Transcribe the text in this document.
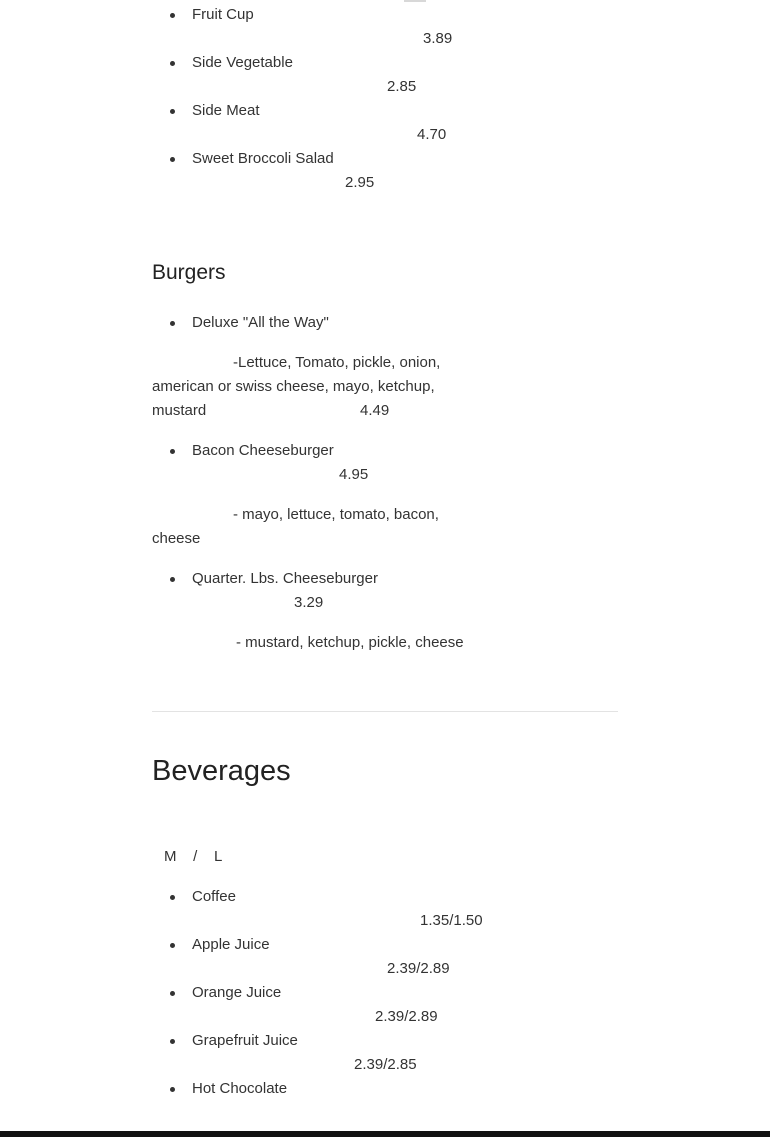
Fruit Cup
3.89
Side Vegetable
2.85
Side Meat
4.70
Sweet Broccoli Salad
2.95
Burgers
Deluxe "All the Way"
-Lettuce, Tomato, pickle, onion,
american or swiss cheese, mayo, ketchup,
mustard	4.49
Bacon Cheeseburger
4.95
- mayo, lettuce, tomato, bacon,
cheese
Quarter. Lbs. Cheeseburger
3.29
- mustard, ketchup, pickle, cheese
Beverages
M    /    L
Coffee
1.35/1.50
Apple Juice
2.39/2.89
Orange Juice
2.39/2.89
Grapefruit Juice
2.39/2.85
Hot Chocolate
